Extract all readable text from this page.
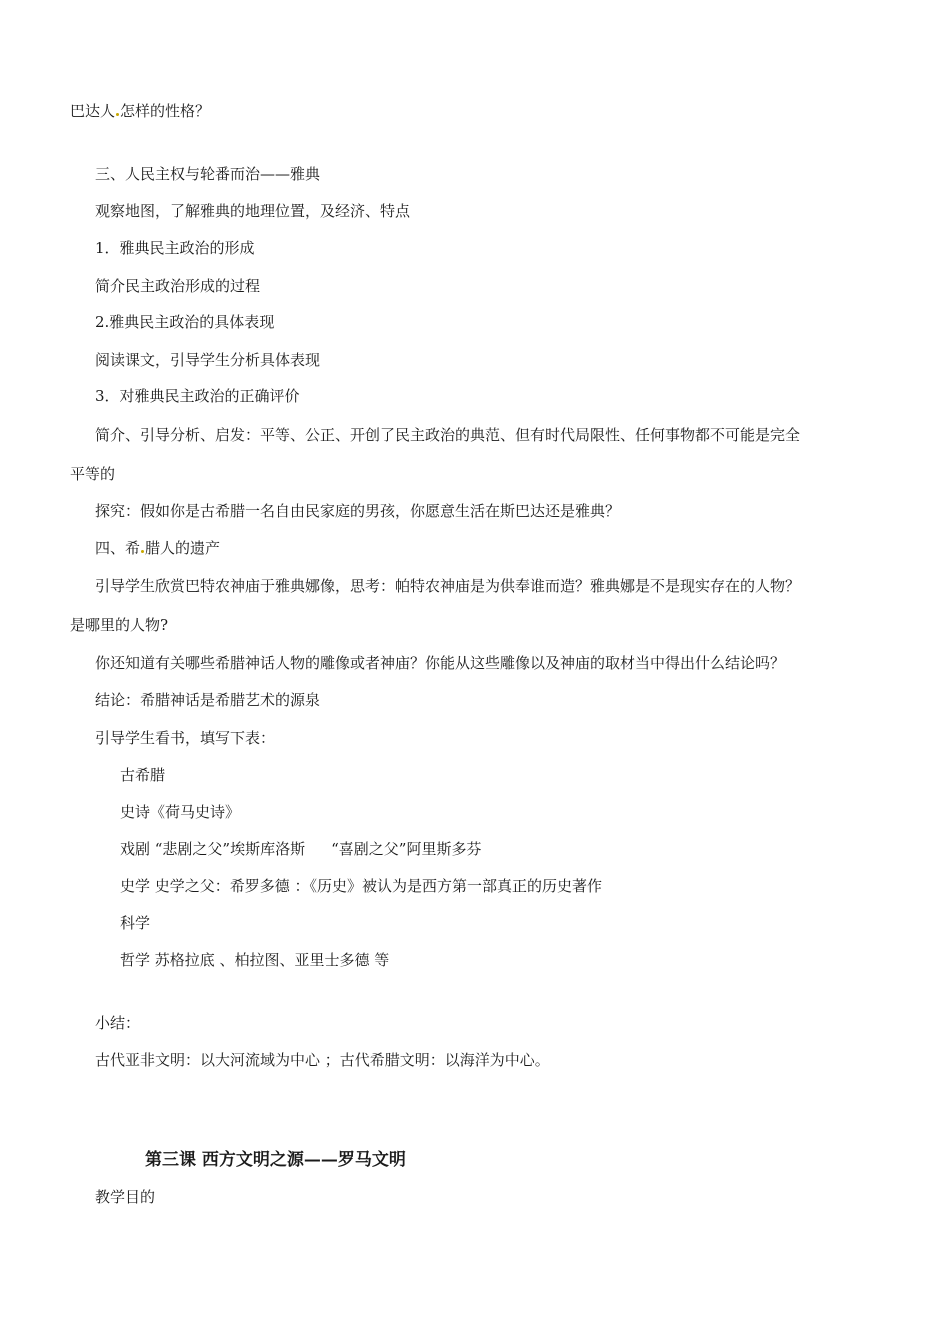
巴达人 怎样的性格？
三、人民主权与轮番而治——雅典
观察地图，了解雅典的地理位置，及经济、特点
1．雅典民主政治的形成
简介民主政治形成的过程
2.雅典民主政治的具体表现
阅读课文，引导学生分析具体表现
3．对雅典民主政治的正确评价
简介、引导分析、启发：平等、公正、开创了民主政治的典范、但有时代局限性、任何事物都不可能是完全
平等的
探究：假如你是古希腊一名自由民家庭的男孩，你愿意生活在斯巴达还是雅典？
四、希 腊人的遗产
引导学生欣赏巴特农神庙于雅典娜像，思考：帕特农神庙是为供奉谁而造？雅典娜是不是现实存在的人物？
是哪里的人物?
你还知道有关哪些希腊神话人物的雕像或者神庙？你能从这些雕像以及神庙的取材当中得出什么结论吗？
结论：希腊神话是希腊艺术的源泉
引导学生看书，填写下表：
古希腊
史诗《荷马史诗》
戏剧 “悲剧之父”埃斯库洛斯 “喜剧之父”阿里斯多芬
史学 史学之父：希罗多德 ：《历史》被认为是西方第一部真正的历史著作
科学
哲学 苏格拉底 、柏拉图、亚里士多德 等
小结：
古代亚非文明：以大河流域为中心 ；古代希腊文明：以海洋为中心。
第三课 西方文明之源——罗马文明
教学目的
